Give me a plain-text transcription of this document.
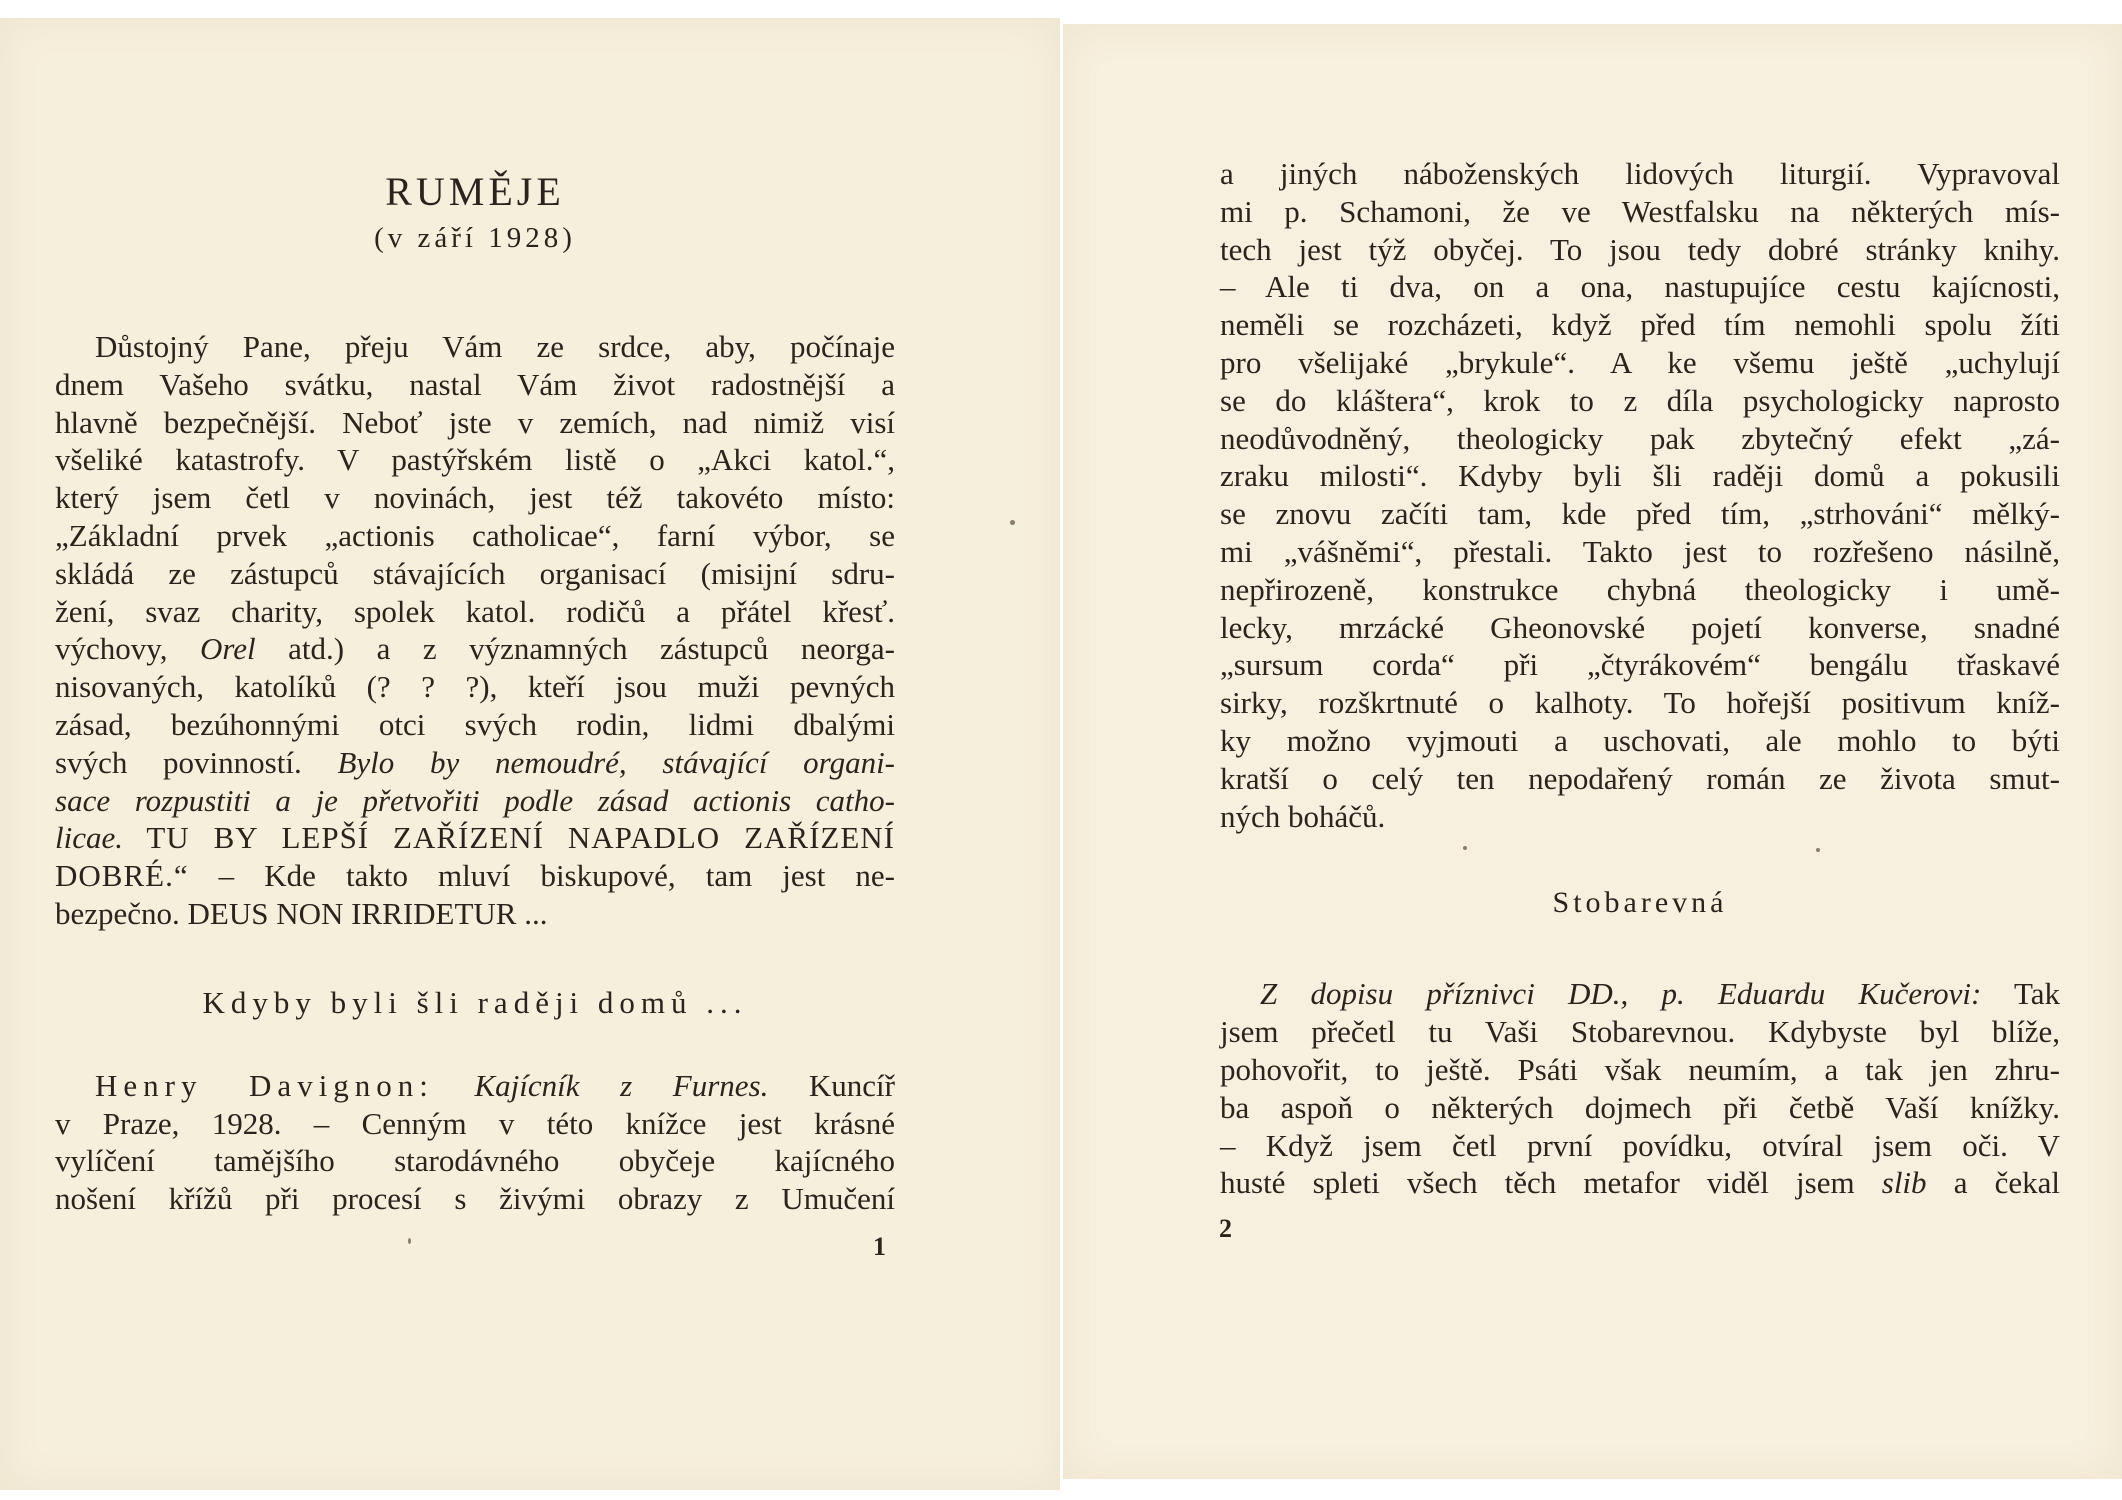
RUMĚJE
(v září 1928)
Důstojný Pane, přeju Vám ze srdce, aby, počínaje
dnem Vašeho svátku, nastal Vám život radostnější a
hlavně bezpečnější. Neboť jste v zemích, nad nimiž visí
všeliké katastrofy. V pastýřském listě o „Akci katol.“,
který jsem četl v novinách, jest též takovéto místo:
„Základní prvek „actionis catholicae“, farní výbor, se
skládá ze zástupců stávajících organisací (misijní sdru-
žení, svaz charity, spolek katol. rodičů a přátel křesť.
výchovy, Orel atd.) a z významných zástupců neorga-
nisovaných, katolíků (? ? ?), kteří jsou muži pevných
zásad, bezúhonnými otci svých rodin, lidmi dbalými
svých povinností. Bylo by nemoudré, stávající organi-
sace rozpustiti a je přetvořiti podle zásad actionis catho-
licae. TU BY LEPŠÍ ZAŘÍZENÍ NAPADLO ZAŘÍZENÍ
DOBRÉ.“ – Kde takto mluví biskupové, tam jest ne-
bezpečno. DEUS NON IRRIDETUR ...
Kdyby byli šli raději domů ...
Henry Davignon: Kajícník z Furnes. Kuncíř
v Praze, 1928. – Cenným v této knížce jest krásné
vylíčení tamějšího starodávného obyčeje kajícného
nošení křížů při procesí s živými obrazy z Umučení
1
a jiných náboženských lidových liturgií. Vypravoval
mi p. Schamoni, že ve Westfalsku na některých mís-
tech jest týž obyčej. To jsou tedy dobré stránky knihy.
– Ale ti dva, on a ona, nastupujíce cestu kajícnosti,
neměli se rozcházeti, když před tím nemohli spolu žíti
pro všelijaké „brykule“. A ke všemu ještě „uchylují
se do kláštera“, krok to z díla psychologicky naprosto
neodůvodněný, theologicky pak zbytečný efekt „zá-
zraku milosti“. Kdyby byli šli raději domů a pokusili
se znovu začíti tam, kde před tím, „strhováni“ mělký-
mi „vášněmi“, přestali. Takto jest to rozřešeno násilně,
nepřirozeně, konstrukce chybná theologicky i umě-
lecky, mrzácké Gheonovské pojetí konverse, snadné
„sursum corda“ při „čtyrákovém“ bengálu třaskavé
sirky, rozškrtnuté o kalhoty. To hořejší positivum kníž-
ky možno vyjmouti a uschovati, ale mohlo to býti
kratší o celý ten nepodařený román ze života smut-
ných boháčů.
Stobarevná
Z dopisu příznivci DD., p. Eduardu Kučerovi: Tak
jsem přečetl tu Vaši Stobarevnou. Kdybyste byl blíže,
pohovořit, to ještě. Psáti však neumím, a tak jen zhru-
ba aspoň o některých dojmech při četbě Vaší knížky.
– Když jsem četl první povídku, otvíral jsem oči. V
husté spleti všech těch metafor viděl jsem slib a čekal
2
